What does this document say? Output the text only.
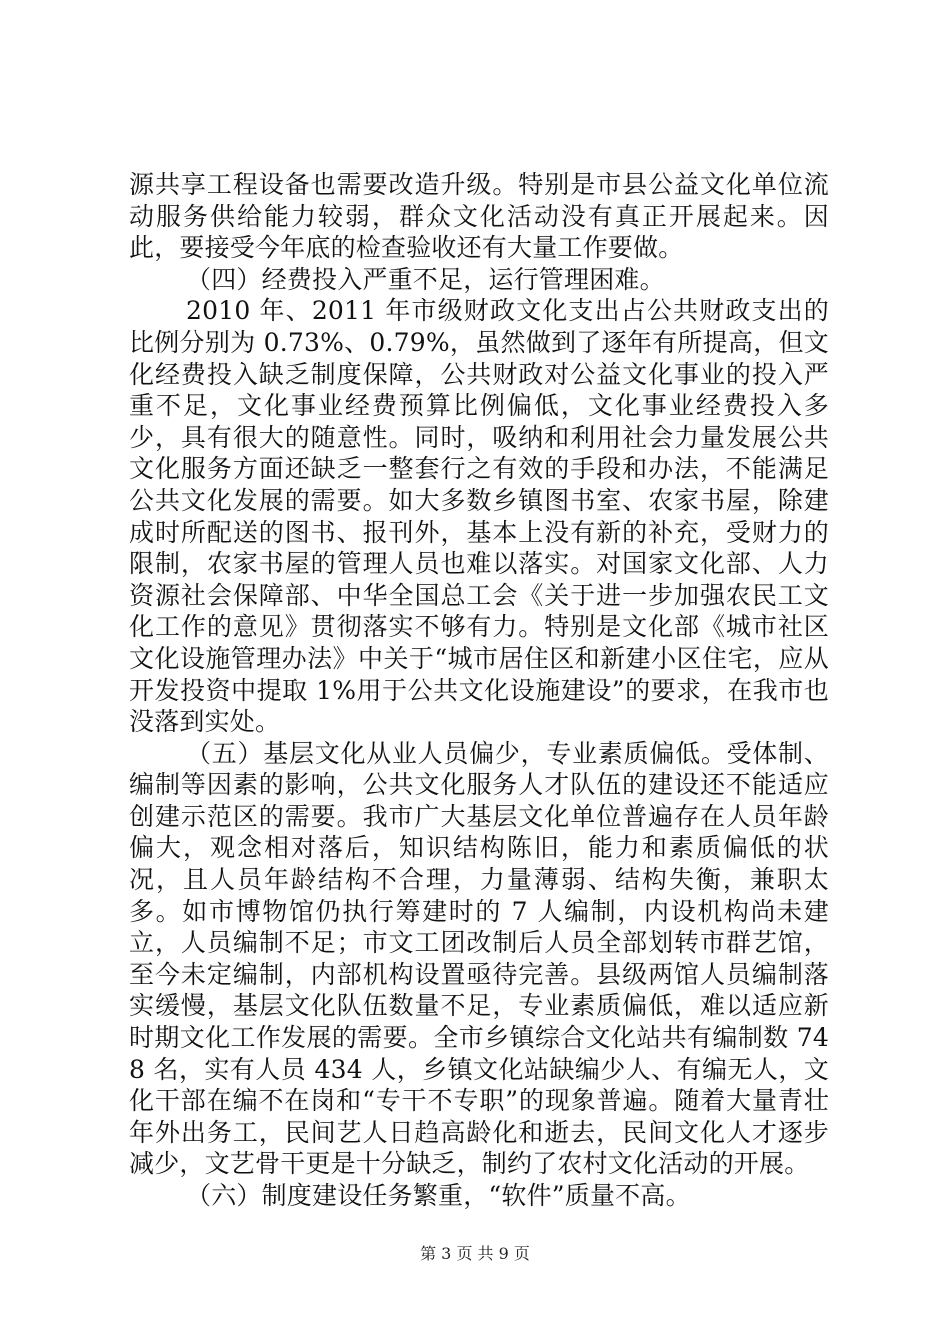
源共享工程设备也需要改造升级。特别是市县公益文化单位流动服务供给能力较弱，群众文化活动没有真正开展起来。因此，要接受今年底的检查验收还有大量工作要做。

（四）经费投入严重不足，运行管理困难。

2010 年、2011 年市级财政文化支出占公共财政支出的比例分别为 0.73%、0.79%，虽然做到了逐年有所提高，但文化经费投入缺乏制度保障，公共财政对公益文化事业的投入严重不足，文化事业经费预算比例偏低，文化事业经费投入多少，具有很大的随意性。同时，吸纳和利用社会力量发展公共文化服务方面还缺乏一整套行之有效的手段和办法，不能满足公共文化发展的需要。如大多数乡镇图书室、农家书屋，除建成时所配送的图书、报刊外，基本上没有新的补充，受财力的限制，农家书屋的管理人员也难以落实。对国家文化部、人力资源社会保障部、中华全国总工会《关于进一步加强农民工文化工作的意见》贯彻落实不够有力。特别是文化部《城市社区文化设施管理办法》中关于“城市居住区和新建小区住宅，应从开发投资中提取 1%用于公共文化设施建设”的要求，在我市也没落到实处。

（五）基层文化从业人员偏少，专业素质偏低。受体制、编制等因素的影响，公共文化服务人才队伍的建设还不能适应创建示范区的需要。我市广大基层文化单位普遍存在人员年龄偏大，观念相对落后，知识结构陈旧，能力和素质偏低的状况，且人员年龄结构不合理，力量薄弱、结构失衡，兼职太多。如市博物馆仍执行筹建时的 7 人编制，内设机构尚未建立，人员编制不足；市文工团改制后人员全部划转市群艺馆，至今未定编制，内部机构设置亟待完善。县级两馆人员编制落实缓慢，基层文化队伍数量不足，专业素质偏低，难以适应新时期文化工作发展的需要。全市乡镇综合文化站共有编制数 748 名，实有人员 434 人，乡镇文化站缺编少人、有编无人，文化干部在编不在岗和“专干不专职”的现象普遍。随着大量青壮年外出务工，民间艺人日趋高龄化和逝去，民间文化人才逐步减少，文艺骨干更是十分缺乏，制约了农村文化活动的开展。

（六）制度建设任务繁重，“软件”质量不高。

第 3 页 共 9 页
